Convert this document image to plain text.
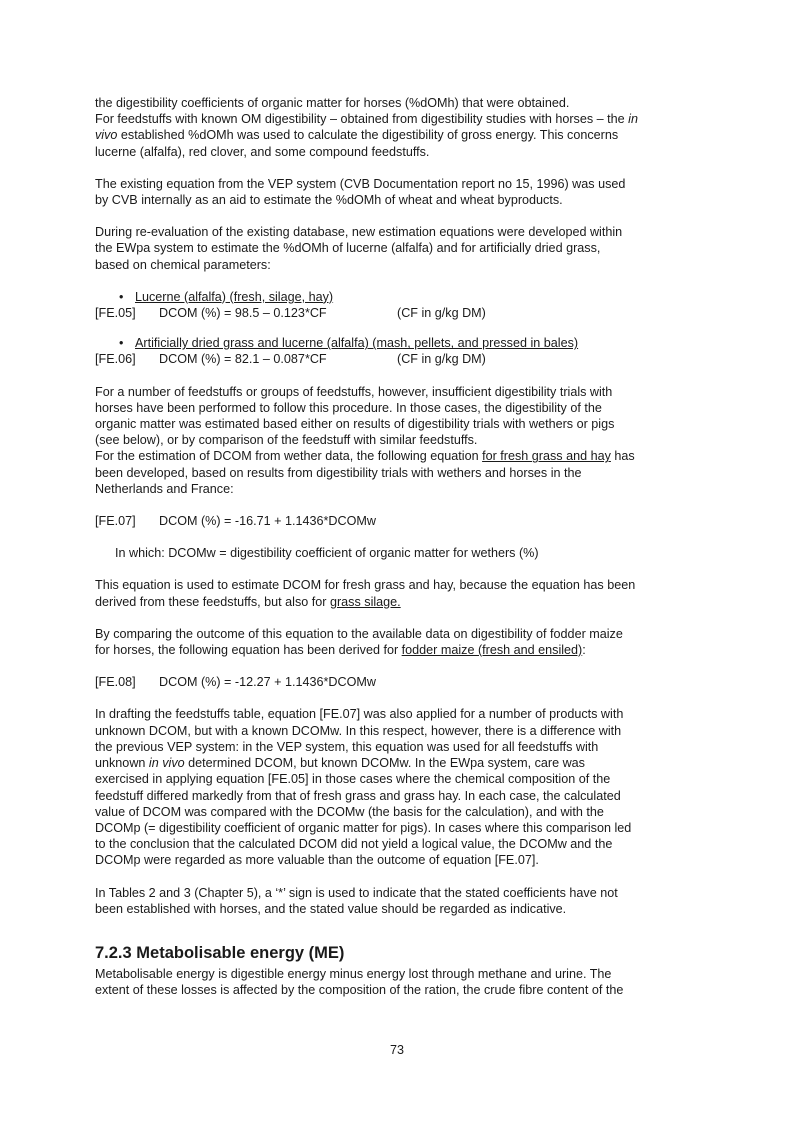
the digestibility coefficients of organic matter for horses (%dOMh) that were obtained.
For feedstuffs with known OM digestibility – obtained from digestibility studies with horses – the in
vivo established %dOMh was used to calculate the digestibility of gross energy. This concerns
lucerne (alfalfa), red clover, and some compound feedstuffs.

The existing equation from the VEP system (CVB Documentation report no 15, 1996) was used
by CVB internally as an aid to estimate the %dOMh of wheat and wheat byproducts.

During re-evaluation of the existing database, new estimation equations were developed within
the EWpa system to estimate the %dOMh of lucerne (alfalfa) and for artificially dried grass,
based on chemical parameters:

• Lucerne (alfalfa) (fresh, silage, hay)
[FE.05]	DCOM (%) = 98.5 – 0.123*CF	(CF in g/kg DM)
• Artificially dried grass and lucerne (alfalfa) (mash, pellets, and pressed in bales)
[FE.06]	DCOM (%) = 82.1 – 0.087*CF	(CF in g/kg DM)

For a number of feedstuffs or groups of feedstuffs, however, insufficient digestibility trials with
horses have been performed to follow this procedure. In those cases, the digestibility of the
organic matter was estimated based either on results of digestibility trials with wethers or pigs
(see below), or by comparison of the feedstuff with similar feedstuffs.
For the estimation of DCOM from wether data, the following equation for fresh grass and hay has
been developed, based on results from digestibility trials with wethers and horses in the
Netherlands and France:

[FE.07]	DCOM (%) = -16.71 + 1.1436*DCOMw

In which: DCOMw = digestibility coefficient of organic matter for wethers (%)

This equation is used to estimate DCOM for fresh grass and hay, because the equation has been
derived from these feedstuffs, but also for grass silage.

By comparing the outcome of this equation to the available data on digestibility of fodder maize
for horses, the following equation has been derived for fodder maize (fresh and ensiled):

[FE.08]	DCOM (%) = -12.27 + 1.1436*DCOMw

In drafting the feedstuffs table, equation [FE.07] was also applied for a number of products with
unknown DCOM, but with a known DCOMw. In this respect, however, there is a difference with
the previous VEP system: in the VEP system, this equation was used for all feedstuffs with
unknown in vivo determined DCOM, but known DCOMw. In the EWpa system, care was
exercised in applying equation [FE.05] in those cases where the chemical composition of the
feedstuff differed markedly from that of fresh grass and grass hay. In each case, the calculated
value of DCOM was compared with the DCOMw (the basis for the calculation), and with the
DCOMp (= digestibility coefficient of organic matter for pigs). In cases where this comparison led
to the conclusion that the calculated DCOM did not yield a logical value, the DCOMw and the
DCOMp were regarded as more valuable than the outcome of equation [FE.07].

In Tables 2 and 3 (Chapter 5), a ‘*’ sign is used to indicate that the stated coefficients have not
been established with horses, and the stated value should be regarded as indicative.

7.2.3 Metabolisable energy (ME)

Metabolisable energy is digestible energy minus energy lost through methane and urine. The
extent of these losses is affected by the composition of the ration, the crude fibre content of the

73
